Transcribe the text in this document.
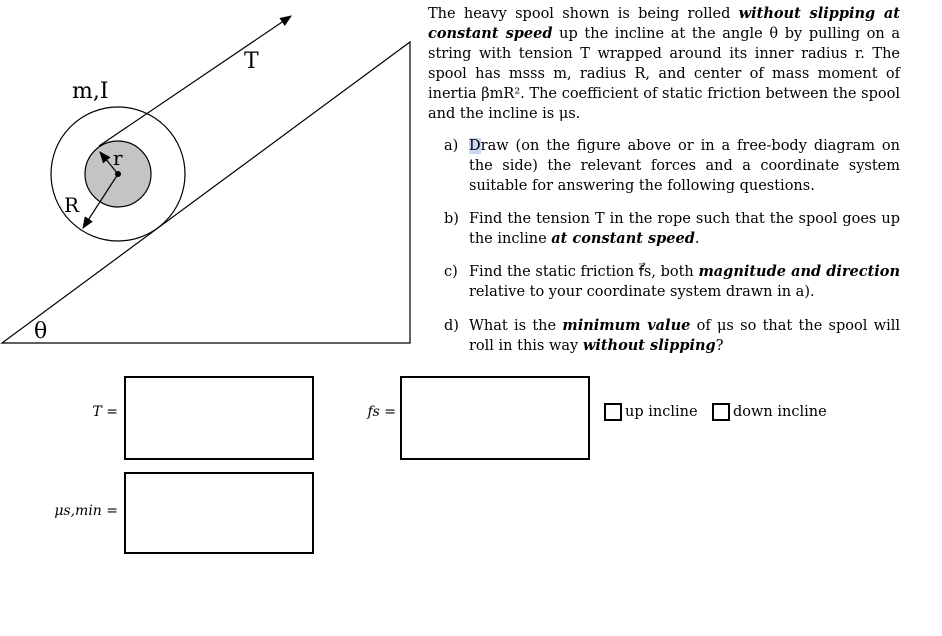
θ
m,I
r
R
T

The heavy spool shown is being rolled without slipping at constant speed up the incline at the angle θ by pulling on a string with tension T wrapped around its inner radius r. The spool has msss m, radius R, and center of mass moment of inertia βmR². The coefficient of static friction between the spool and the incline is μs.

a) Draw (on the figure above or in a free-body diagram on the side) the relevant forces and a coordinate system suitable for answering the following questions.
b) Find the tension T in the rope such that the spool goes up the incline at constant speed.
c) Find the static friction f⃗s, both magnitude and direction relative to your coordinate system drawn in a).
d) What is the minimum value of μs so that the spool will roll in this way without slipping?
T =	fs =	up incline down incline
μs,min =
